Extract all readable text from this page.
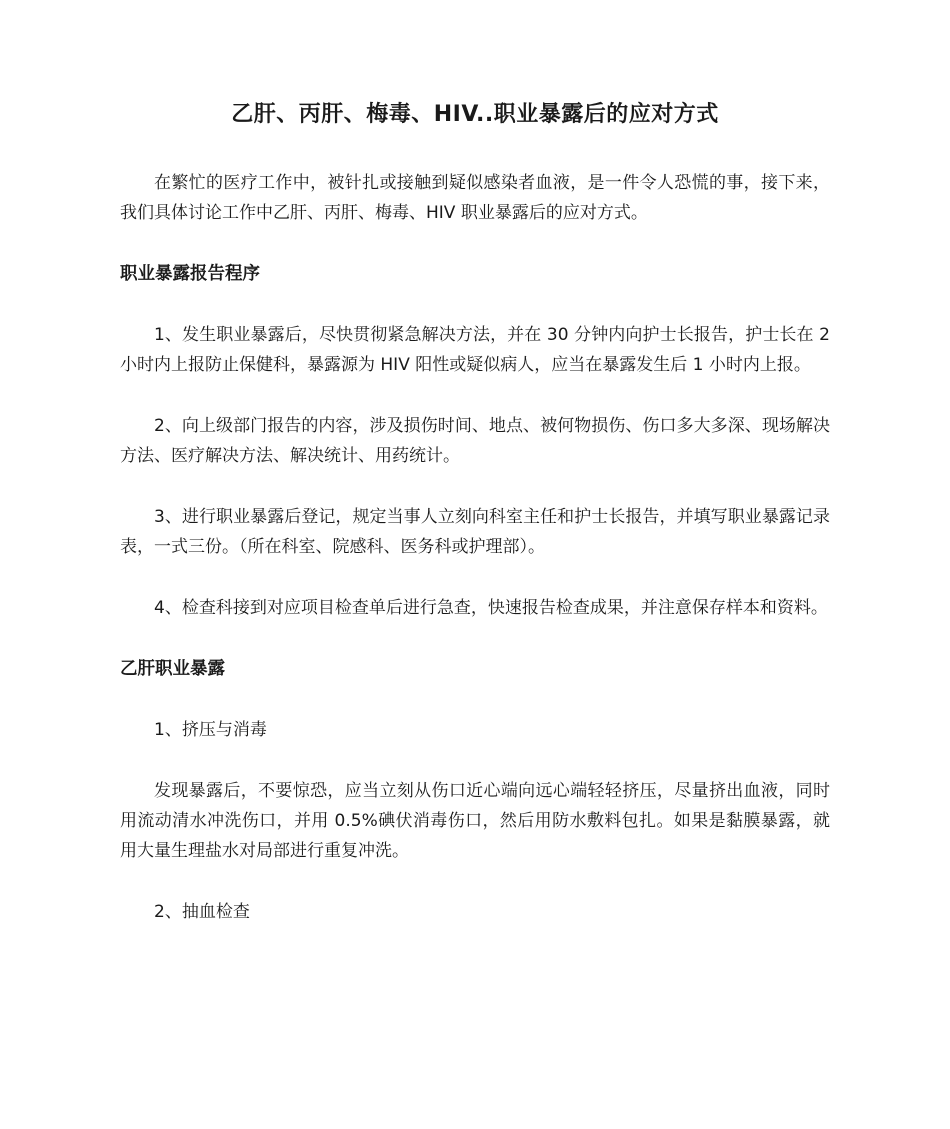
乙肝、丙肝、梅毒、HIV..职业暴露后的应对方式

在繁忙的医疗工作中，被针扎或接触到疑似感染者血液，是一件令人恐慌的事，接下来，我们具体讨论工作中乙肝、丙肝、梅毒、HIV 职业暴露后的应对方式。

职业暴露报告程序

1、发生职业暴露后，尽快贯彻紧急解决方法，并在 30 分钟内向护士长报告，护士长在 2 小时内上报防止保健科，暴露源为 HIV 阳性或疑似病人，应当在暴露发生后 1 小时内上报。

2、向上级部门报告的内容，涉及损伤时间、地点、被何物损伤、伤口多大多深、现场解决方法、医疗解决方法、解决统计、用药统计。

3、进行职业暴露后登记，规定当事人立刻向科室主任和护士长报告，并填写职业暴露记录表，一式三份。（所在科室、院感科、医务科或护理部）。

4、检查科接到对应项目检查单后进行急查，快速报告检查成果，并注意保存样本和资料。

乙肝职业暴露

1、挤压与消毒

发现暴露后，不要惊恐，应当立刻从伤口近心端向远心端轻轻挤压，尽量挤出血液，同时用流动清水冲洗伤口，并用 0.5%碘伏消毒伤口，然后用防水敷料包扎。如果是黏膜暴露，就用大量生理盐水对局部进行重复冲洗。

2、抽血检查
